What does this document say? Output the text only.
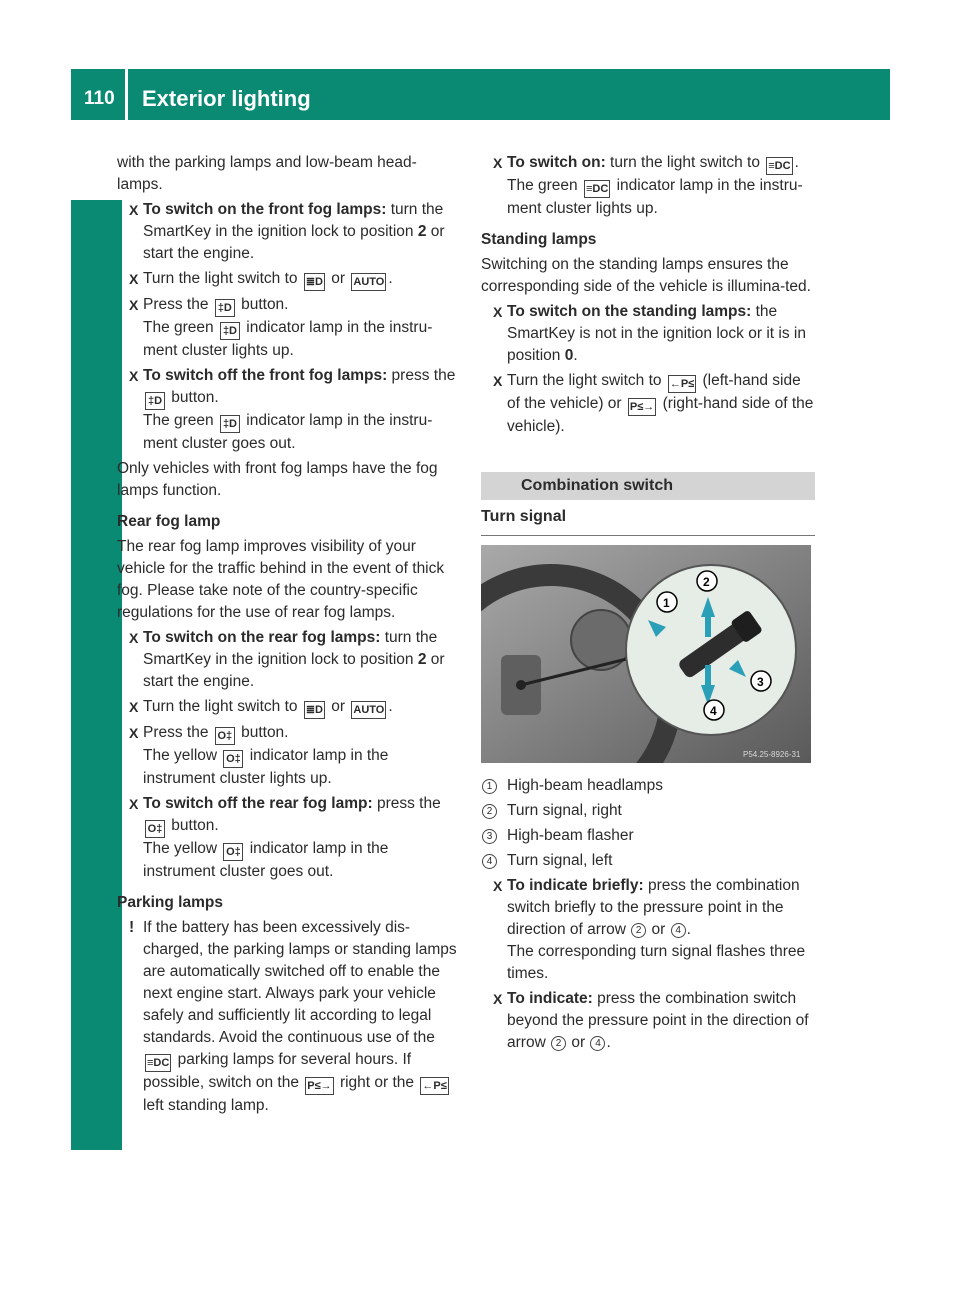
110 Exterior lighting
Lights and windshield wipers

with the parking lamps and low-beam head-lamps.

X To switch on the front fog lamps: turn the SmartKey in the ignition lock to position 2 or start the engine.
X Turn the light switch to ≣D or AUTO .
X Press the ‡D button.
The green ‡D indicator lamp in the instru-ment cluster lights up.
X To switch off the front fog lamps: press the ‡D button.
The green ‡D indicator lamp in the instru-ment cluster goes out.

Only vehicles with front fog lamps have the fog lamps function.

Rear fog lamp

The rear fog lamp improves visibility of your vehicle for the traffic behind in the event of thick fog. Please take note of the country-specific regulations for the use of rear fog lamps.

X To switch on the rear fog lamps: turn the SmartKey in the ignition lock to position 2 or start the engine.
X Turn the light switch to ≣D or AUTO .
X Press the O‡ button.
The yellow O‡ indicator lamp in the instrument cluster lights up.
X To switch off the rear fog lamp: press the
O‡ button.
The yellow O‡ indicator lamp in the instrument cluster goes out.
Parking lamps
! If the battery has been excessively dis-charged, the parking lamps or standing lamps are automatically switched off to enable the next engine start. Always park your vehicle safely and sufficiently lit according to legal standards. Avoid the continuous use of the ≡DC parking lamps for several hours. If possible, switch on the P≤→ right or the ←P≤ left standing lamp.
X To switch on: turn the light switch to ≡DC .
The green ≡DC indicator lamp in the instru-ment cluster lights up.
Standing lamps

Switching on the standing lamps ensures the corresponding side of the vehicle is illumina-ted.

X To switch on the standing lamps: the SmartKey is not in the ignition lock or it is in position 0.
X Turn the light switch to ←P≤ (left-hand side of the vehicle) or P≤→ (right-hand side of the vehicle).
Combination switch
Turn signal
1
2
3
4
P54.25-8926-31
1 High-beam headlamps
2 Turn signal, right
3 High-beam flasher
4 Turn signal, left
X To indicate briefly: press the combination switch briefly to the pressure point in the direction of arrow 2 or 4 .
The corresponding turn signal flashes three times.
X To indicate: press the combination switch beyond the pressure point in the direction of arrow 2 or 4 .
